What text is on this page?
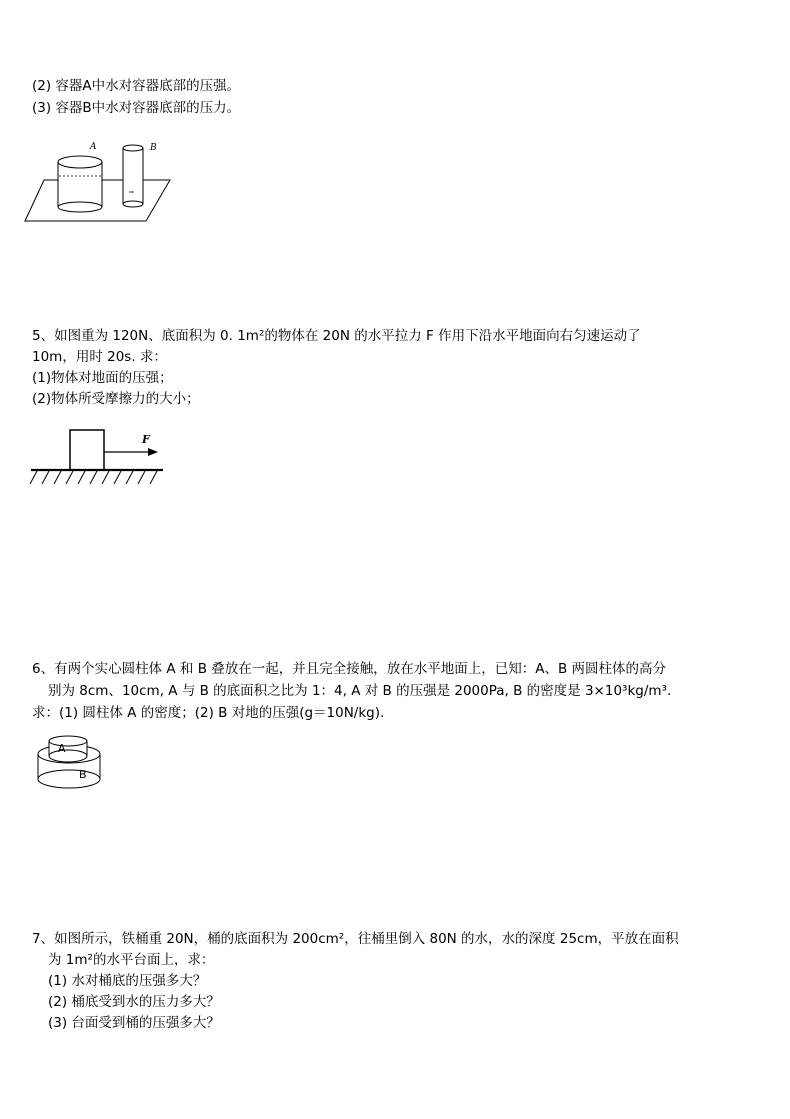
(2) 容器A中水对容器底部的压强。
(3) 容器B中水对容器底部的压力。
A	B
5、如图重为 120N、底面积为 0. 1m²的物体在 20N 的水平拉力 F 作用下沿水平地面向右匀速运动了
10m，用时 20s. 求：
(1)物体对地面的压强；
(2)物体所受摩擦力的大小；
F
6、有两个实心圆柱体 A 和 B 叠放在一起，并且完全接触，放在水平地面上，已知：A、B 两圆柱体的高分
别为 8cm、10cm, A 与 B 的底面积之比为 1：4, A 对 B 的压强是 2000Pa, B 的密度是 3×10³kg/m³.
求：(1) 圆柱体 A 的密度；(2) B 对地的压强(g＝10N/kg).
A
B
7、如图所示，铁桶重 20N，桶的底面积为 200cm²，往桶里倒入 80N 的水，水的深度 25cm，平放在面积
为 1m²的水平台面上，求：
(1) 水对桶底的压强多大？
(2) 桶底受到水的压力多大？
(3) 台面受到桶的压强多大？
